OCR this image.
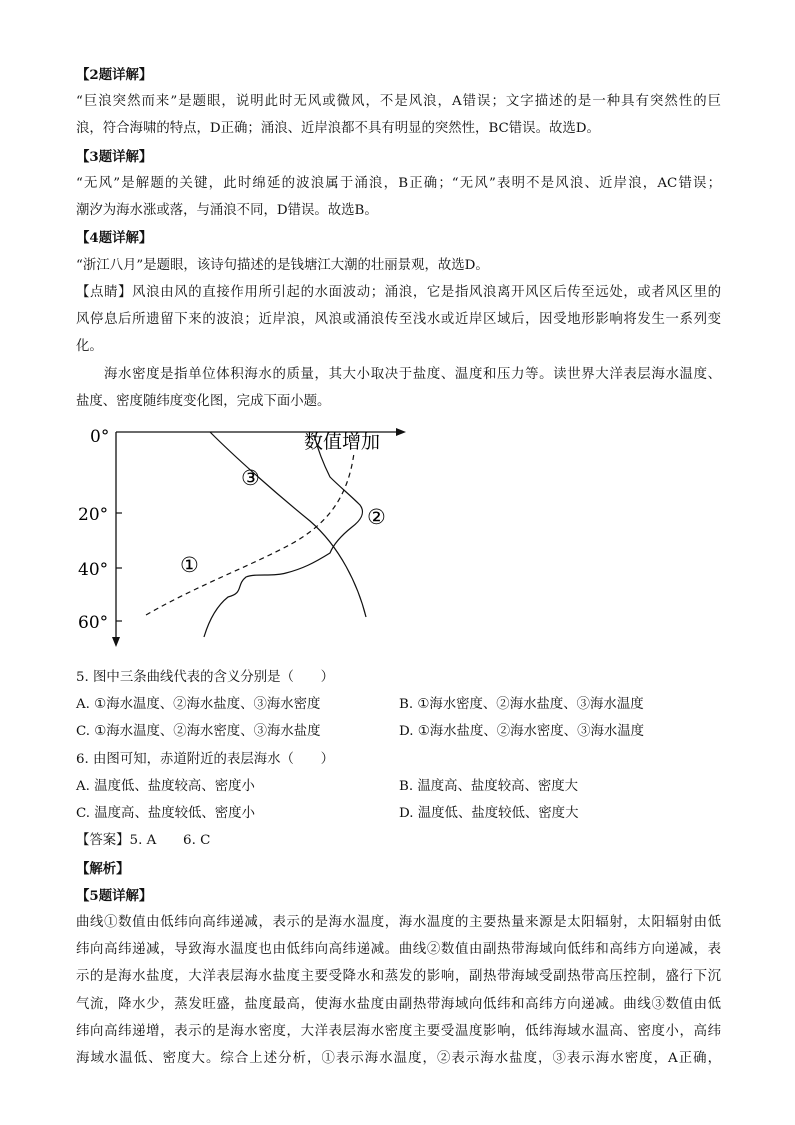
【2题详解】
“巨浪突然而来”是题眼，说明此时无风或微风，不是风浪，A错误；文字描述的是一种具有突然性的巨
浪，符合海啸的特点，D正确；涌浪、近岸浪都不具有明显的突然性，BC错误。故选D。
【3题详解】
“无风”是解题的关键，此时绵延的波浪属于涌浪，B正确；“无风”表明不是风浪、近岸浪，AC错误；
潮汐为海水涨或落，与涌浪不同，D错误。故选B。
【4题详解】
“浙江八月”是题眼，该诗句描述的是钱塘江大潮的壮丽景观，故选D。
【点睛】风浪由风的直接作用所引起的水面波动；涌浪，它是指风浪离开风区后传至远处，或者风区里的
风停息后所遗留下来的波浪；近岸浪，风浪或涌浪传至浅水或近岸区域后，因受地形影响将发生一系列变
化。
海水密度是指单位体积海水的质量，其大小取决于盐度、温度和压力等。读世界大洋表层海水温度、
盐度、密度随纬度变化图，完成下面小题。
0°
20°
40°
60°
数值增加
①
②
③
5. 图中三条曲线代表的含义分别是（　　）
A. ①海水温度、②海水盐度、③海水密度	B. ①海水密度、②海水盐度、③海水温度
C. ①海水温度、②海水密度、③海水盐度	D. ①海水盐度、②海水密度、③海水温度
6. 由图可知，赤道附近的表层海水（　　）
A. 温度低、盐度较高、密度小	B. 温度高、盐度较高、密度大
C. 温度高、盐度较低、密度小	D. 温度低、盐度较低、密度大
【答案】5. A　　6. C
【解析】
【5题详解】
曲线①数值由低纬向高纬递减，表示的是海水温度，海水温度的主要热量来源是太阳辐射，太阳辐射由低
纬向高纬递减，导致海水温度也由低纬向高纬递减。曲线②数值由副热带海域向低纬和高纬方向递减，表
示的是海水盐度，大洋表层海水盐度主要受降水和蒸发的影响，副热带海域受副热带高压控制，盛行下沉
气流，降水少，蒸发旺盛，盐度最高，使海水盐度由副热带海域向低纬和高纬方向递减。曲线③数值由低
纬向高纬递增，表示的是海水密度，大洋表层海水密度主要受温度影响，低纬海域水温高、密度小，高纬
海域水温低、密度大。综合上述分析，①表示海水温度，②表示海水盐度，③表示海水密度，A正确，
